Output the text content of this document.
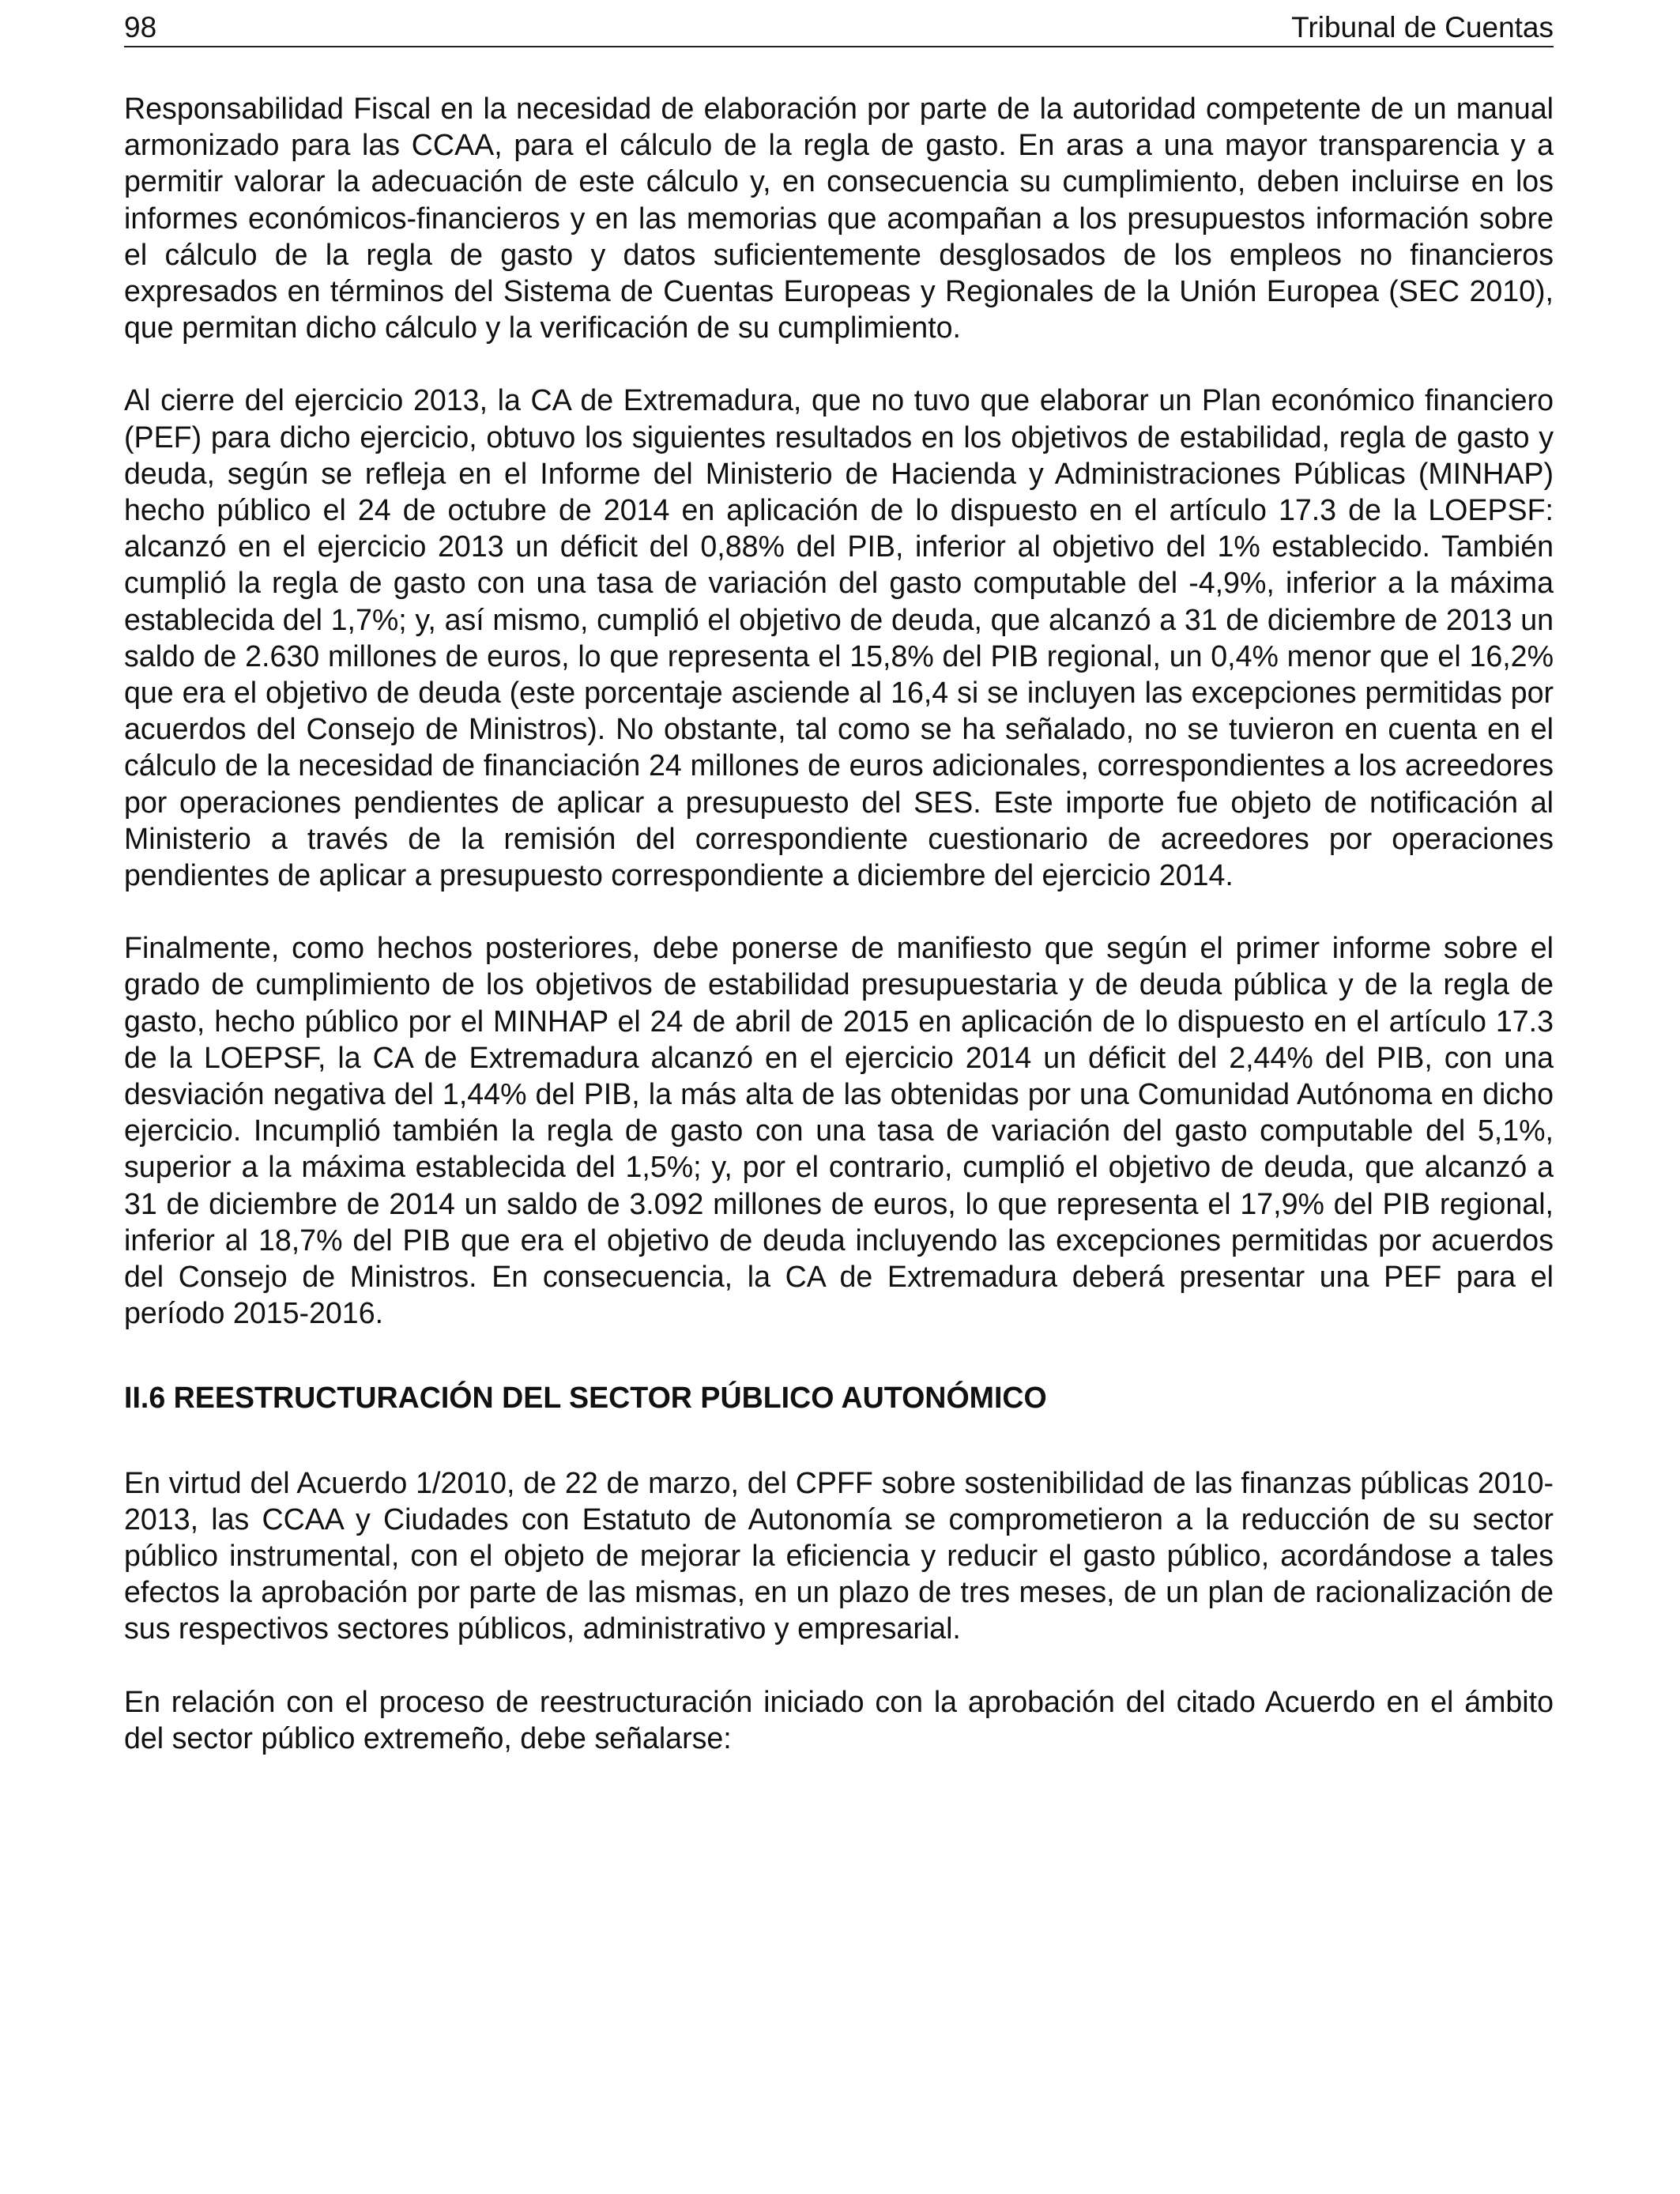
98	Tribunal de Cuentas

Responsabilidad Fiscal en la necesidad de elaboración por parte de la autoridad competente de un manual armonizado para las CCAA, para el cálculo de la regla de gasto. En aras a una mayor transparencia y a permitir valorar la adecuación de este cálculo y, en consecuencia su cumplimiento, deben incluirse en los informes económicos-financieros y en las memorias que acompañan a los presupuestos información sobre el cálculo de la regla de gasto y datos suficientemente desglosados de los empleos no financieros expresados en términos del Sistema de Cuentas Europeas y Regionales de la Unión Europea (SEC 2010), que permitan dicho cálculo y la verificación de su cumplimiento.

Al cierre del ejercicio 2013, la CA de Extremadura, que no tuvo que elaborar un Plan económico financiero (PEF) para dicho ejercicio, obtuvo los siguientes resultados en los objetivos de estabilidad, regla de gasto y deuda, según se refleja en el Informe del Ministerio de Hacienda y Administraciones Públicas (MINHAP) hecho público el 24 de octubre de 2014 en aplicación de lo dispuesto en el artículo 17.3 de la LOEPSF: alcanzó en el ejercicio 2013 un déficit del 0,88% del PIB, inferior al objetivo del 1% establecido. También cumplió la regla de gasto con una tasa de variación del gasto computable del -4,9%, inferior a la máxima establecida del 1,7%; y, así mismo, cumplió el objetivo de deuda, que alcanzó a 31 de diciembre de 2013 un saldo de 2.630 millones de euros, lo que representa el 15,8% del PIB regional, un 0,4% menor que el 16,2% que era el objetivo de deuda (este porcentaje asciende al 16,4 si se incluyen las excepciones permitidas por acuerdos del Consejo de Ministros). No obstante, tal como se ha señalado, no se tuvieron en cuenta en el cálculo de la necesidad de financiación 24 millones de euros adicionales, correspondientes a los acreedores por operaciones pendientes de aplicar a presupuesto del SES. Este importe fue objeto de notificación al Ministerio a través de la remisión del correspondiente cuestionario de acreedores por operaciones pendientes de aplicar a presupuesto correspondiente a diciembre del ejercicio 2014.

Finalmente, como hechos posteriores, debe ponerse de manifiesto que según el primer informe sobre el grado de cumplimiento de los objetivos de estabilidad presupuestaria y de deuda pública y de la regla de gasto, hecho público por el MINHAP el 24 de abril de 2015 en aplicación de lo dispuesto en el artículo 17.3 de la LOEPSF, la CA de Extremadura alcanzó en el ejercicio 2014 un déficit del 2,44% del PIB, con una desviación negativa del 1,44% del PIB, la más alta de las obtenidas por una Comunidad Autónoma en dicho ejercicio. Incumplió también la regla de gasto con una tasa de variación del gasto computable del 5,1%, superior a la máxima establecida del 1,5%; y, por el contrario, cumplió el objetivo de deuda, que alcanzó a 31 de diciembre de 2014 un saldo de 3.092 millones de euros, lo que representa el 17,9% del PIB regional, inferior al 18,7% del PIB que era el objetivo de deuda incluyendo las excepciones permitidas por acuerdos del Consejo de Ministros. En consecuencia, la CA de Extremadura deberá presentar una PEF para el período 2015-2016.

II.6 REESTRUCTURACIÓN DEL SECTOR PÚBLICO AUTONÓMICO

En virtud del Acuerdo 1/2010, de 22 de marzo, del CPFF sobre sostenibilidad de las finanzas públicas 2010-2013, las CCAA y Ciudades con Estatuto de Autonomía se comprometieron a la reducción de su sector público instrumental, con el objeto de mejorar la eficiencia y reducir el gasto público, acordándose a tales efectos la aprobación por parte de las mismas, en un plazo de tres meses, de un plan de racionalización de sus respectivos sectores públicos, administrativo y empresarial.

En relación con el proceso de reestructuración iniciado con la aprobación del citado Acuerdo en el ámbito del sector público extremeño, debe señalarse:
